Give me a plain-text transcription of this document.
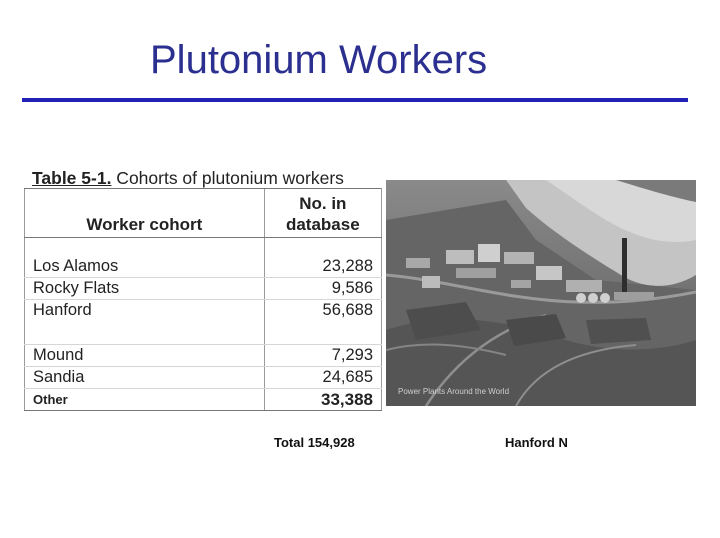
Plutonium Workers
Table 5-1. Cohorts of plutonium workers
Worker cohort	No. in database

Los Alamos	23,288
Rocky Flats	9,586
Hanford	56,688
Mound	7,293
Sandia	24,685
Other	33,388	Power Plants Around the World
Total 154,928	Hanford N
